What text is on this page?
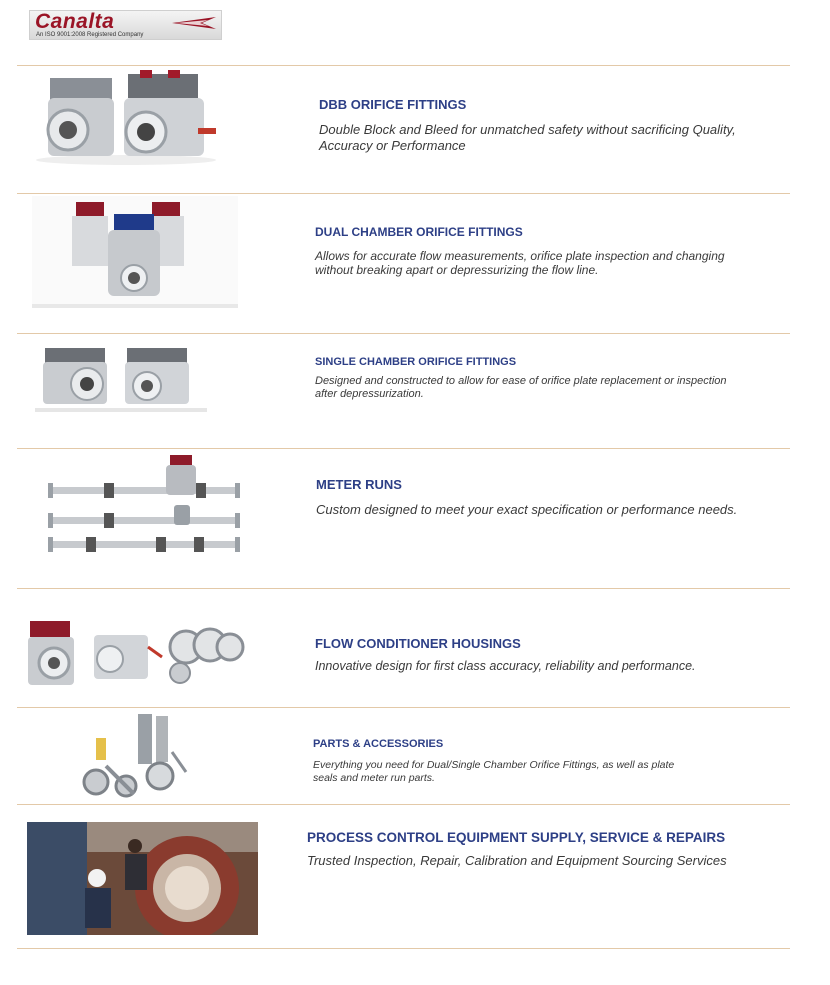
Canalta
An ISO 9001:2008 Registered Company
DBB ORIFICE FITTINGS
Double Block and Bleed for unmatched safety without sacrificing Quality, Accuracy or Performance
DUAL CHAMBER ORIFICE FITTINGS
Allows for accurate flow measurements, orifice plate inspection and changing without breaking apart or depressurizing the flow line.
SINGLE CHAMBER ORIFICE FITTINGS
Designed and constructed to allow for ease of orifice plate replacement or inspection after depressurization.
METER RUNS
Custom designed to meet your exact specification or performance needs.
FLOW CONDITIONER HOUSINGS
Innovative design for first class accuracy, reliability and performance.
PARTS & ACCESSORIES
Everything you need for Dual/Single Chamber Orifice Fittings, as well as plate seals and meter run parts.
PROCESS CONTROL EQUIPMENT SUPPLY, SERVICE & REPAIRS
Trusted Inspection, Repair, Calibration and Equipment Sourcing Services
